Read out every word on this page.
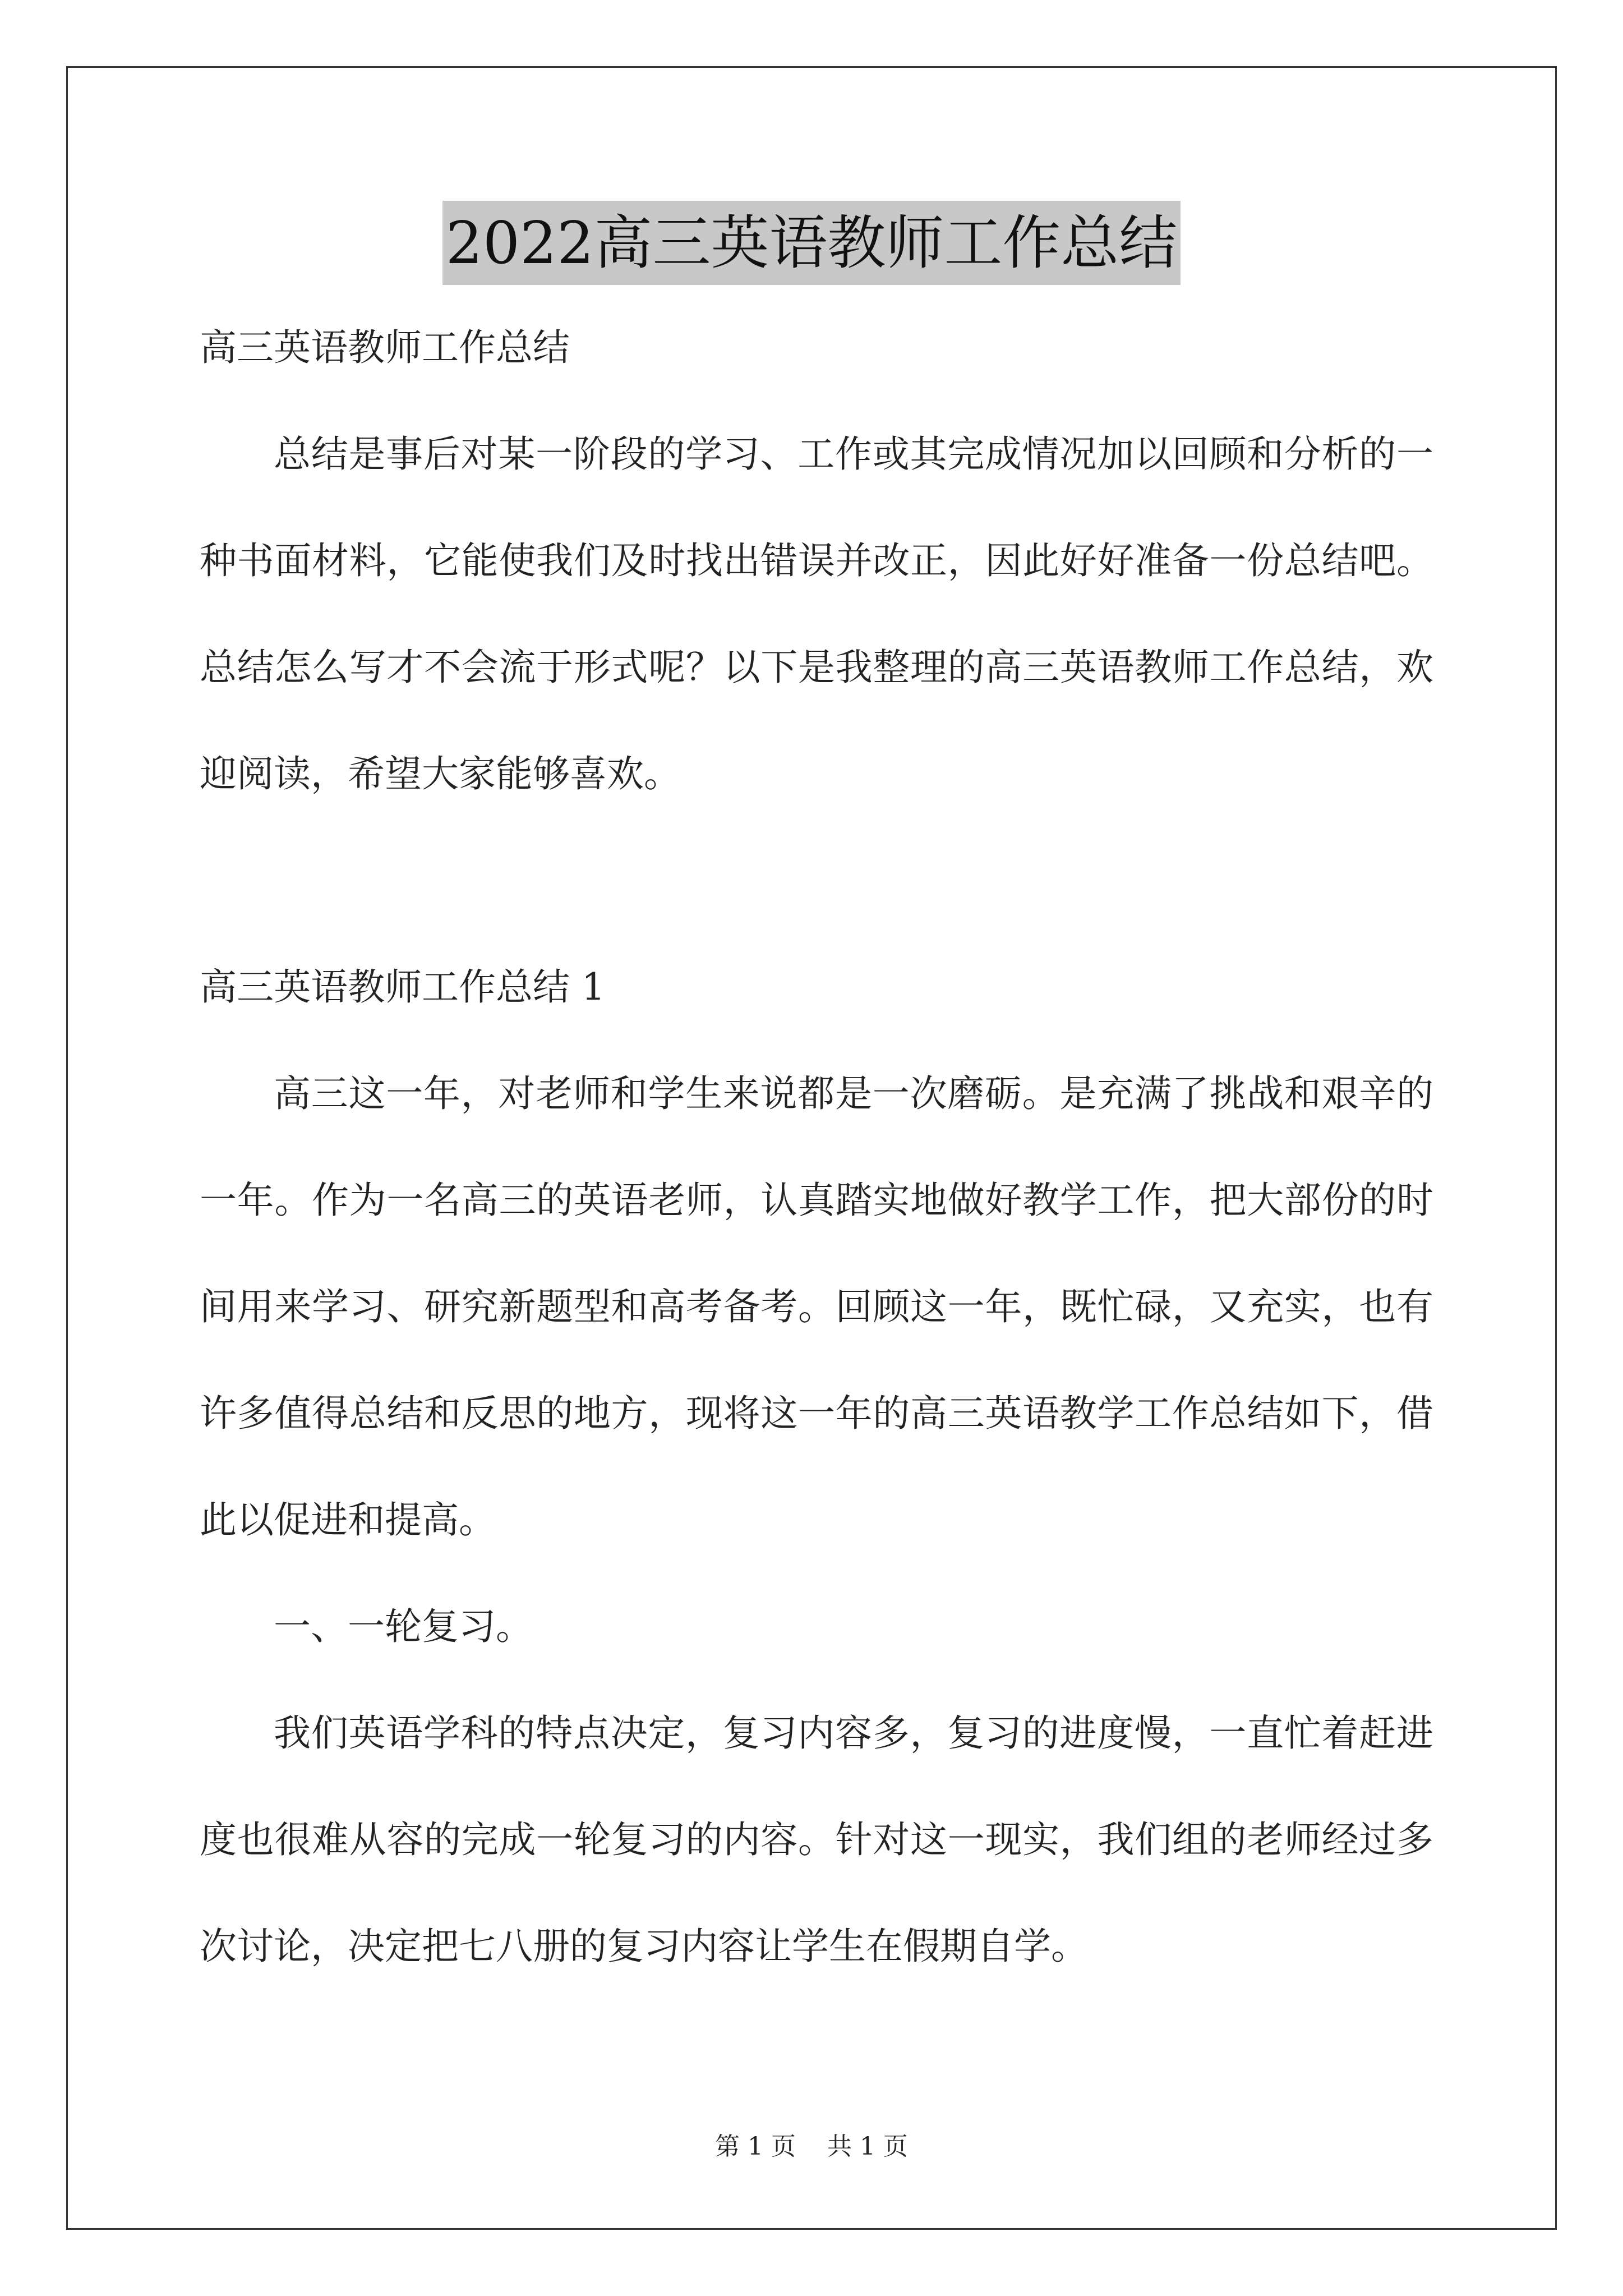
2022高三英语教师工作总结

高三英语教师工作总结

总结是事后对某一阶段的学习、工作或其完成情况加以回顾和分析的一种书面材料，它能使我们及时找出错误并改正，因此好好准备一份总结吧。总结怎么写才不会流于形式呢？以下是我整理的高三英语教师工作总结，欢迎阅读，希望大家能够喜欢。

高三英语教师工作总结 1

高三这一年，对老师和学生来说都是一次磨砺。是充满了挑战和艰辛的一年。作为一名高三的英语老师，认真踏实地做好教学工作，把大部份的时间用来学习、研究新题型和高考备考。回顾这一年，既忙碌，又充实，也有许多值得总结和反思的地方，现将这一年的高三英语教学工作总结如下，借此以促进和提高。

一、一轮复习。

我们英语学科的特点决定，复习内容多，复习的进度慢，一直忙着赶进度也很难从容的完成一轮复习的内容。针对这一现实，我们组的老师经过多次讨论，决定把七八册的复习内容让学生在假期自学。

第 1 页    共 1 页
